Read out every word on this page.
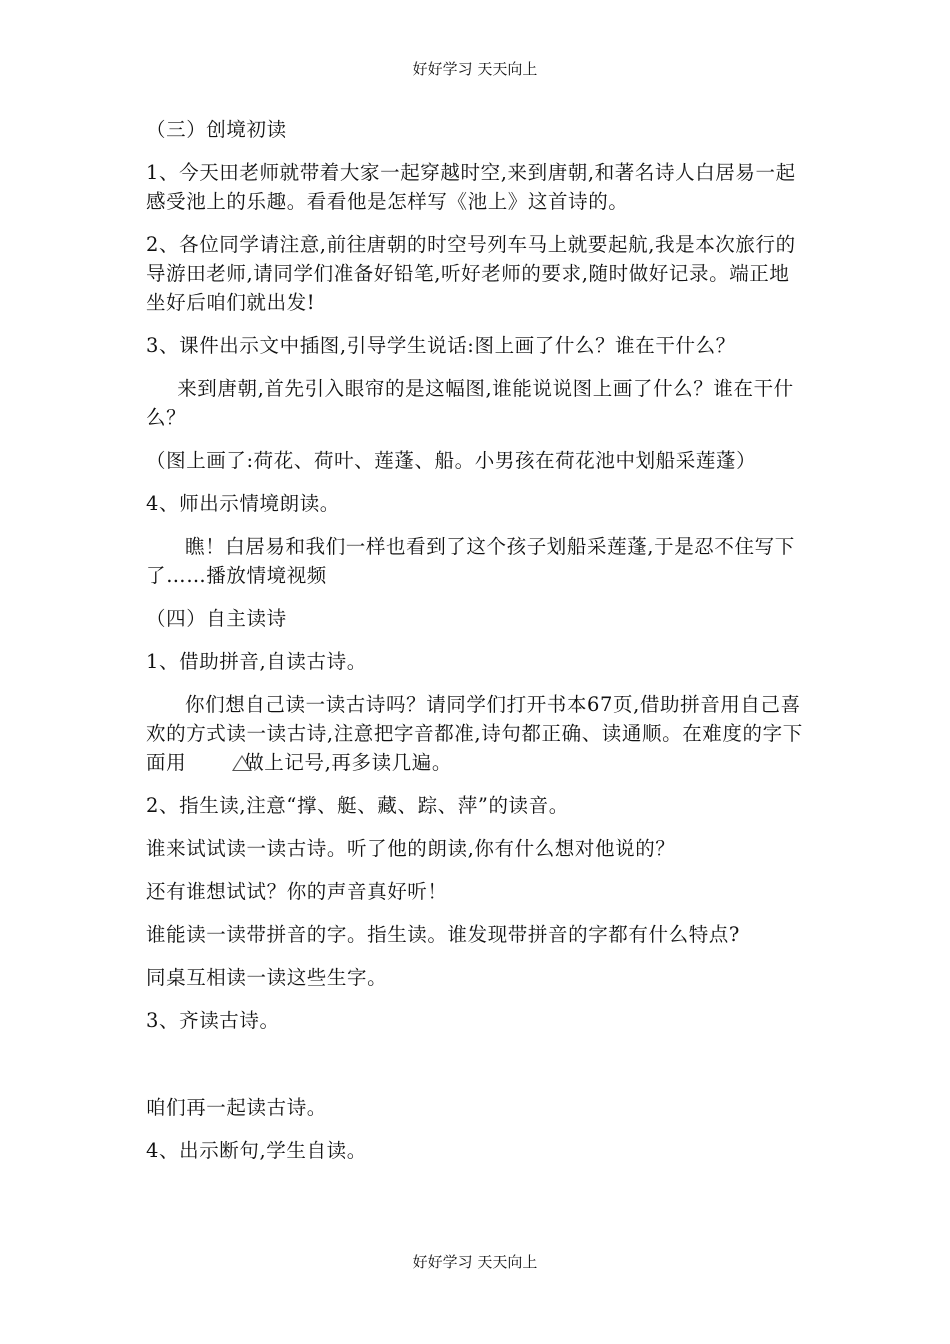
好好学习 天天向上

（三）创境初读

1、今天田老师就带着大家一起穿越时空,来到唐朝,和著名诗人白居易一起感受池上的乐趣。看看他是怎样写《池上》这首诗的。

2、各位同学请注意,前往唐朝的时空号列车马上就要起航,我是本次旅行的导游田老师,请同学们准备好铅笔,听好老师的要求,随时做好记录。端正地坐好后咱们就出发!

3、课件出示文中插图,引导学生说话:图上画了什么？谁在干什么？

来到唐朝,首先引入眼帘的是这幅图,谁能说说图上画了什么？谁在干什么？

（图上画了:荷花、荷叶、莲蓬、船。小男孩在荷花池中划船采莲蓬）

4、师出示情境朗读。

瞧！白居易和我们一样也看到了这个孩子划船采莲蓬,于是忍不住写下了……播放情境视频

（四）自主读诗

1、借助拼音,自读古诗。

你们想自己读一读古诗吗？请同学们打开书本67页,借助拼音用自己喜欢的方式读一读古诗,注意把字音都准,诗句都正确、读通顺。在难度的字下面用	做上记号,再多读几遍。

2、指生读,注意“撑、艇、藏、踪、萍”的读音。

谁来试试读一读古诗。听了他的朗读,你有什么想对他说的？

还有谁想试试？你的声音真好听！

谁能读一读带拼音的字。指生读。谁发现带拼音的字都有什么特点?

同桌互相读一读这些生字。

3、齐读古诗。

咱们再一起读古诗。

4、出示断句,学生自读。

好好学习 天天向上
